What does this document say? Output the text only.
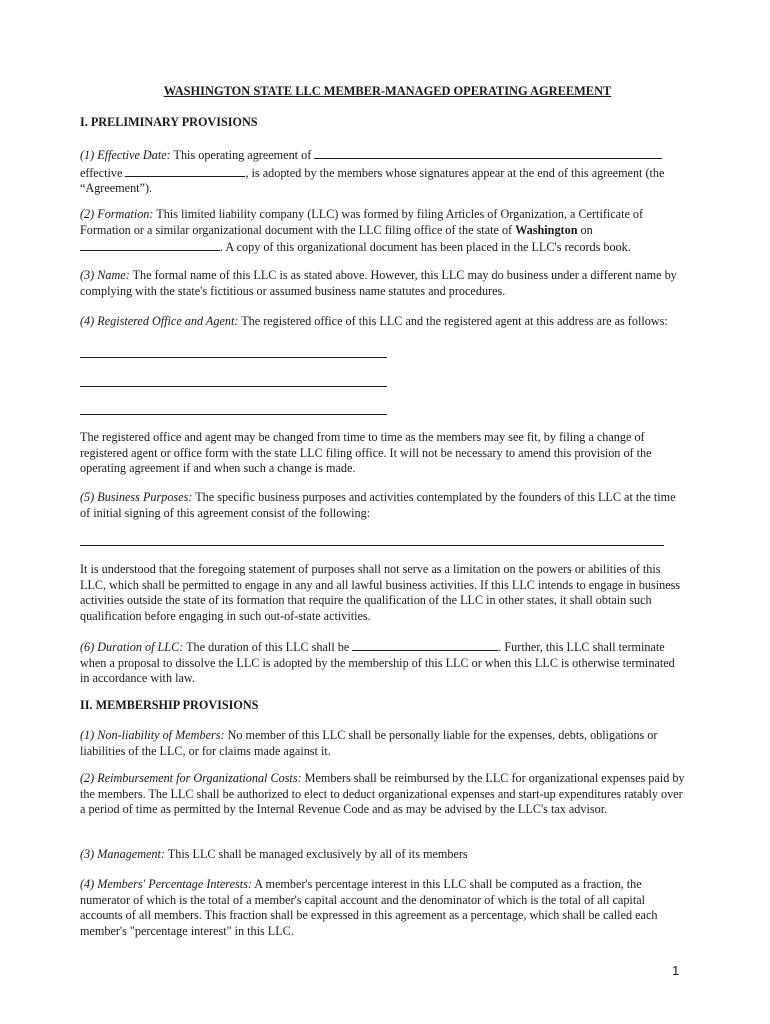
WASHINGTON STATE LLC MEMBER-MANAGED OPERATING AGREEMENT

I. PRELIMINARY PROVISIONS

(1) Effective Date: This operating agreement of
effective	, is adopted by the members whose signatures appear at the end of this agreement (the “Agreement”).

(2) Formation: This limited liability company (LLC) was formed by filing Articles of Organization, a Certificate of Formation or a similar organizational document with the LLC filing office of the state of Washington on
. A copy of this organizational document has been placed in the LLC's records book.

(3) Name: The formal name of this LLC is as stated above. However, this LLC may do business under a different name by complying with the state's fictitious or assumed business name statutes and procedures.

(4) Registered Office and Agent: The registered office of this LLC and the registered agent at this address are as follows:

The registered office and agent may be changed from time to time as the members may see fit, by filing a change of registered agent or office form with the state LLC filing office. It will not be necessary to amend this provision of the operating agreement if and when such a change is made.

(5) Business Purposes: The specific business purposes and activities contemplated by the founders of this LLC at the time of initial signing of this agreement consist of the following:

It is understood that the foregoing statement of purposes shall not serve as a limitation on the powers or abilities of this LLC, which shall be permitted to engage in any and all lawful business activities. If this LLC intends to engage in business activities outside the state of its formation that require the qualification of the LLC in other states, it shall obtain such qualification before engaging in such out-of-state activities.

(6) Duration of LLC: The duration of this LLC shall be	. Further, this LLC shall terminate when a proposal to dissolve the LLC is adopted by the membership of this LLC or when this LLC is otherwise terminated in accordance with law.

II. MEMBERSHIP PROVISIONS

(1) Non-liability of Members: No member of this LLC shall be personally liable for the expenses, debts, obligations or liabilities of the LLC, or for claims made against it.

(2) Reimbursement for Organizational Costs: Members shall be reimbursed by the LLC for organizational expenses paid by the members. The LLC shall be authorized to elect to deduct organizational expenses and start-up expenditures ratably over a period of time as permitted by the Internal Revenue Code and as may be advised by the LLC's tax advisor.

(3) Management: This LLC shall be managed exclusively by all of its members

(4) Members' Percentage Interests: A member's percentage interest in this LLC shall be computed as a fraction, the numerator of which is the total of a member's capital account and the denominator of which is the total of all capital accounts of all members. This fraction shall be expressed in this agreement as a percentage, which shall be called each member's "percentage interest" in this LLC.

1
